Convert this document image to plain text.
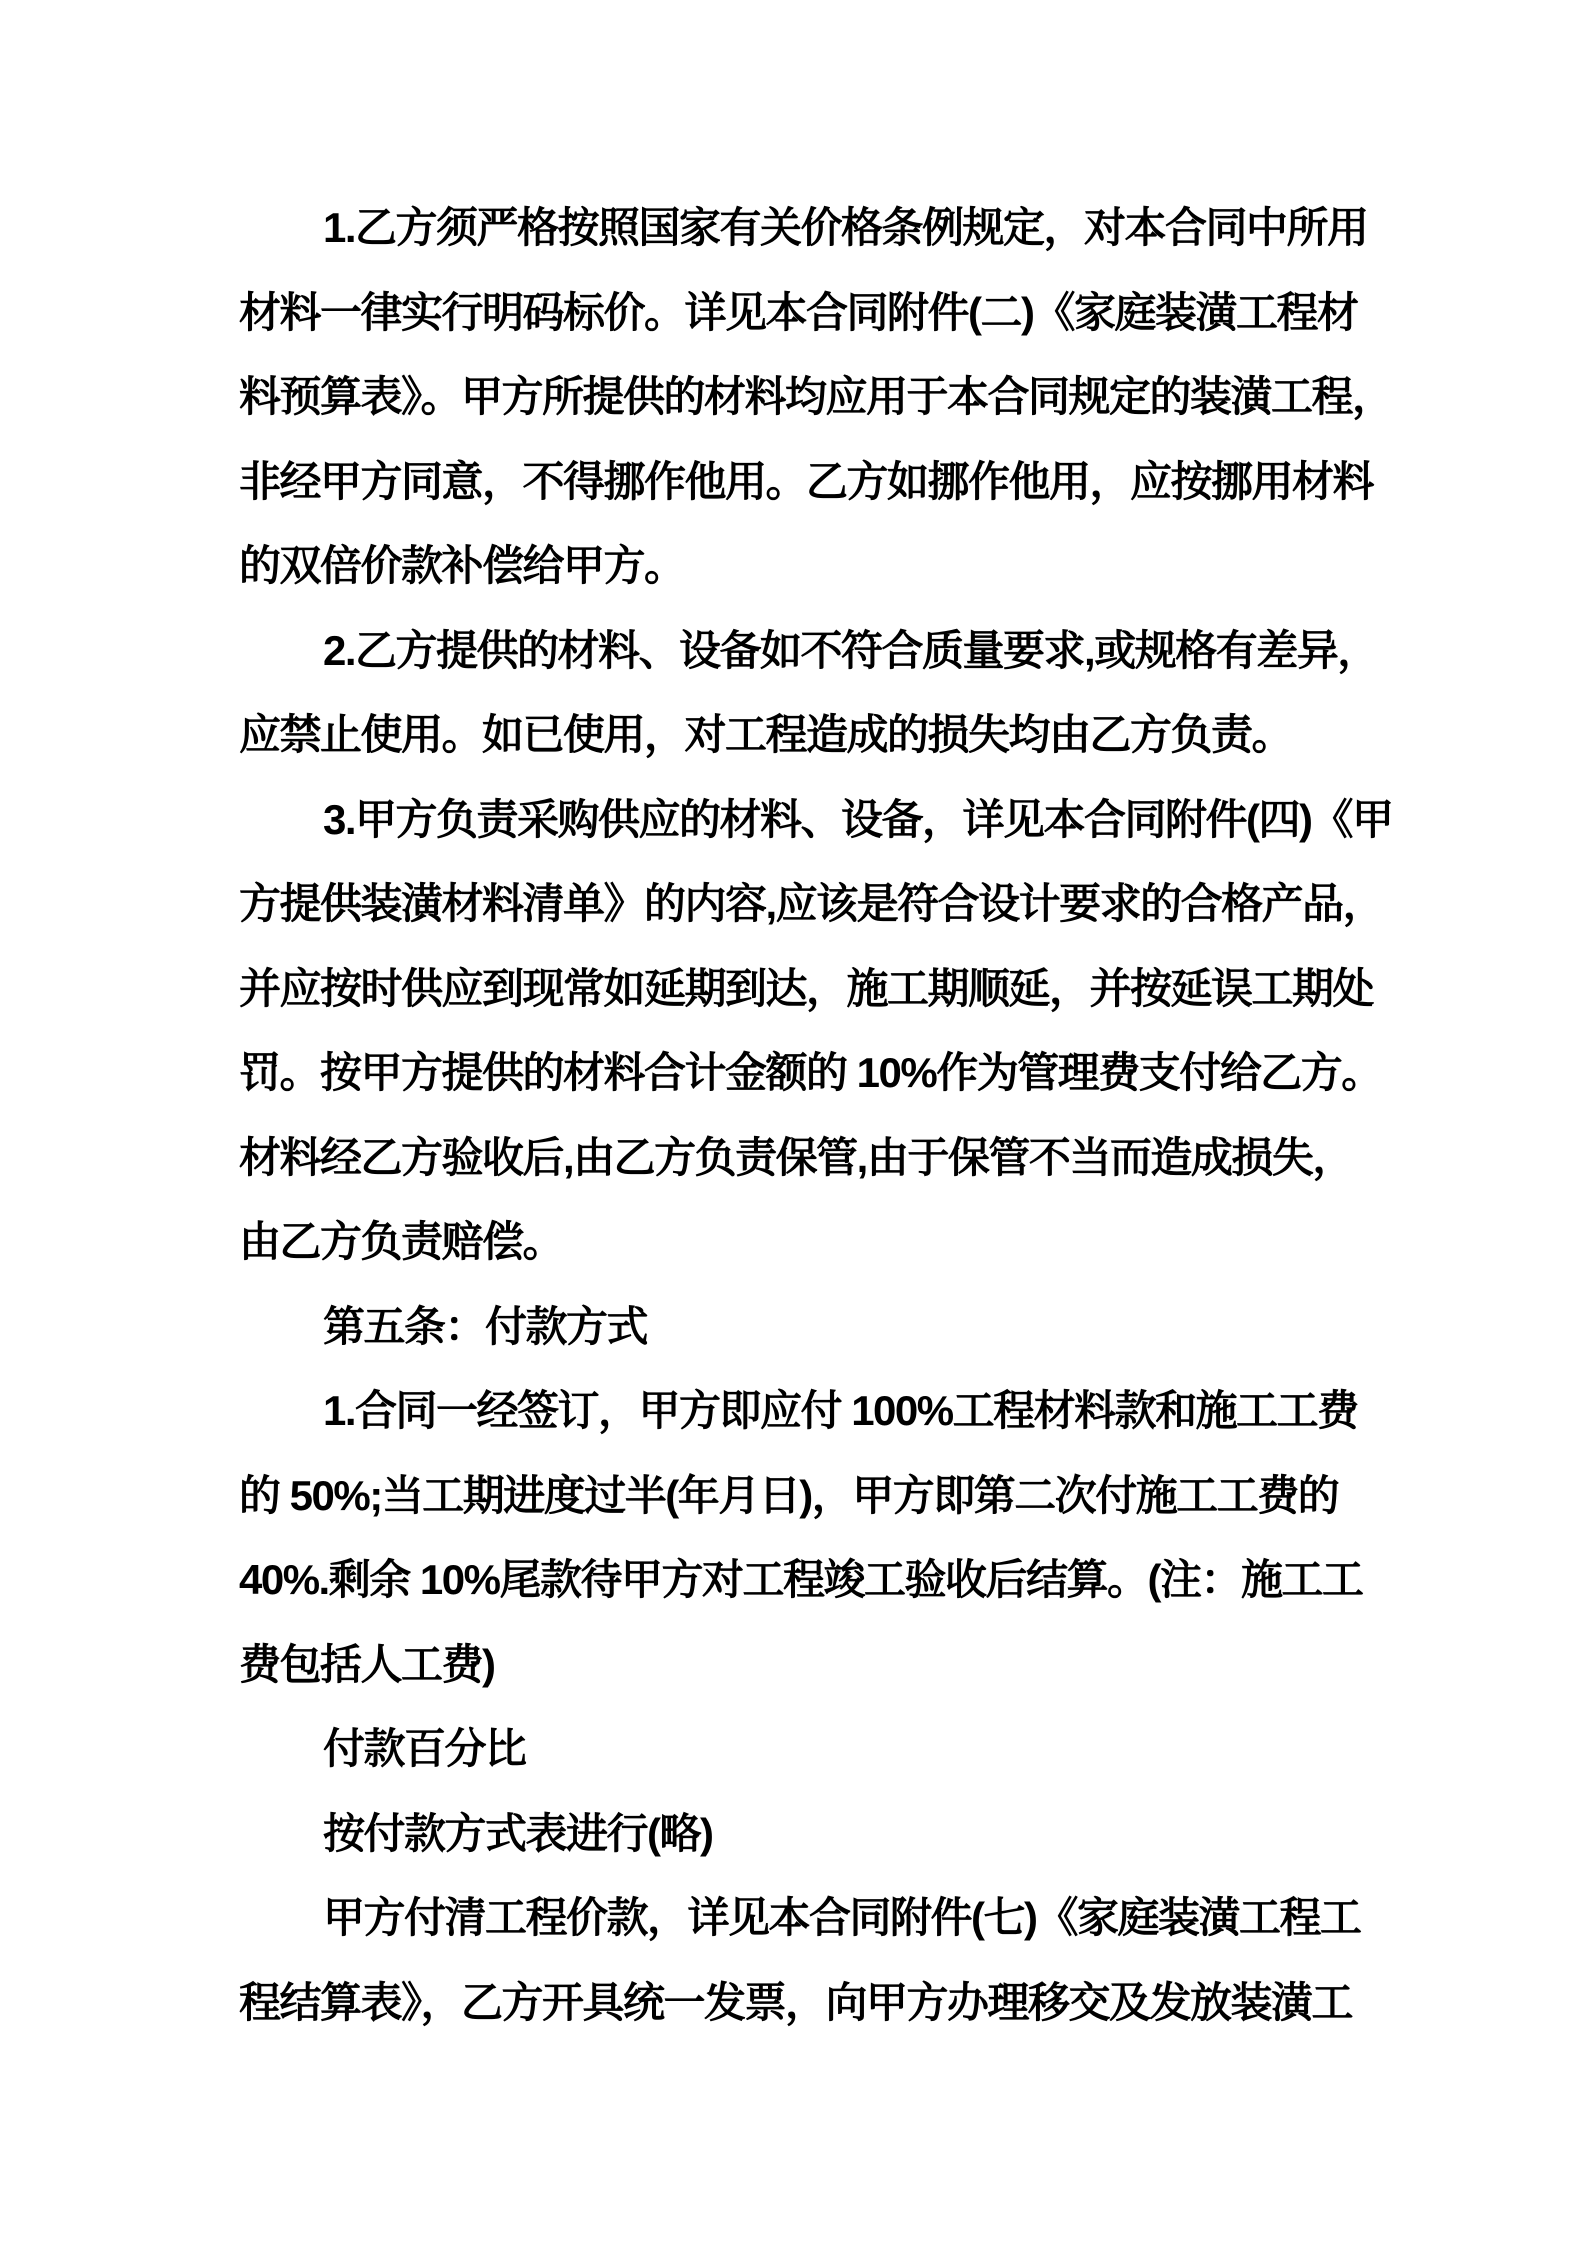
1.乙方须严格按照国家有关价格条例规定，对本合同中所用
材料一律实行明码标价。详见本合同附件(二)《家庭装潢工程材
料预算表》。甲方所提供的材料均应用于本合同规定的装潢工程，
非经甲方同意，不得挪作他用。乙方如挪作他用，应按挪用材料
的双倍价款补偿给甲方。
2.乙方提供的材料、设备如不符合质量要求,或规格有差异，
应禁止使用。如已使用，对工程造成的损失均由乙方负责。
3.甲方负责采购供应的材料、设备，详见本合同附件(四)《甲
方提供装潢材料清单》的内容,应该是符合设计要求的合格产品，
并应按时供应到现常如延期到达，施工期顺延，并按延误工期处
罚。按甲方提供的材料合计金额的 10%作为管理费支付给乙方。
材料经乙方验收后,由乙方负责保管,由于保管不当而造成损失，
由乙方负责赔偿。
第五条：付款方式
1.合同一经签订，甲方即应付 100%工程材料款和施工工费
的 50%;当工期进度过半(年月日)，甲方即第二次付施工工费的
40%.剩余 10%尾款待甲方对工程竣工验收后结算。(注：施工工
费包括人工费)
付款百分比
按付款方式表进行(略)
甲方付清工程价款，详见本合同附件(七)《家庭装潢工程工
程结算表》，乙方开具统一发票，向甲方办理移交及发放装潢工
